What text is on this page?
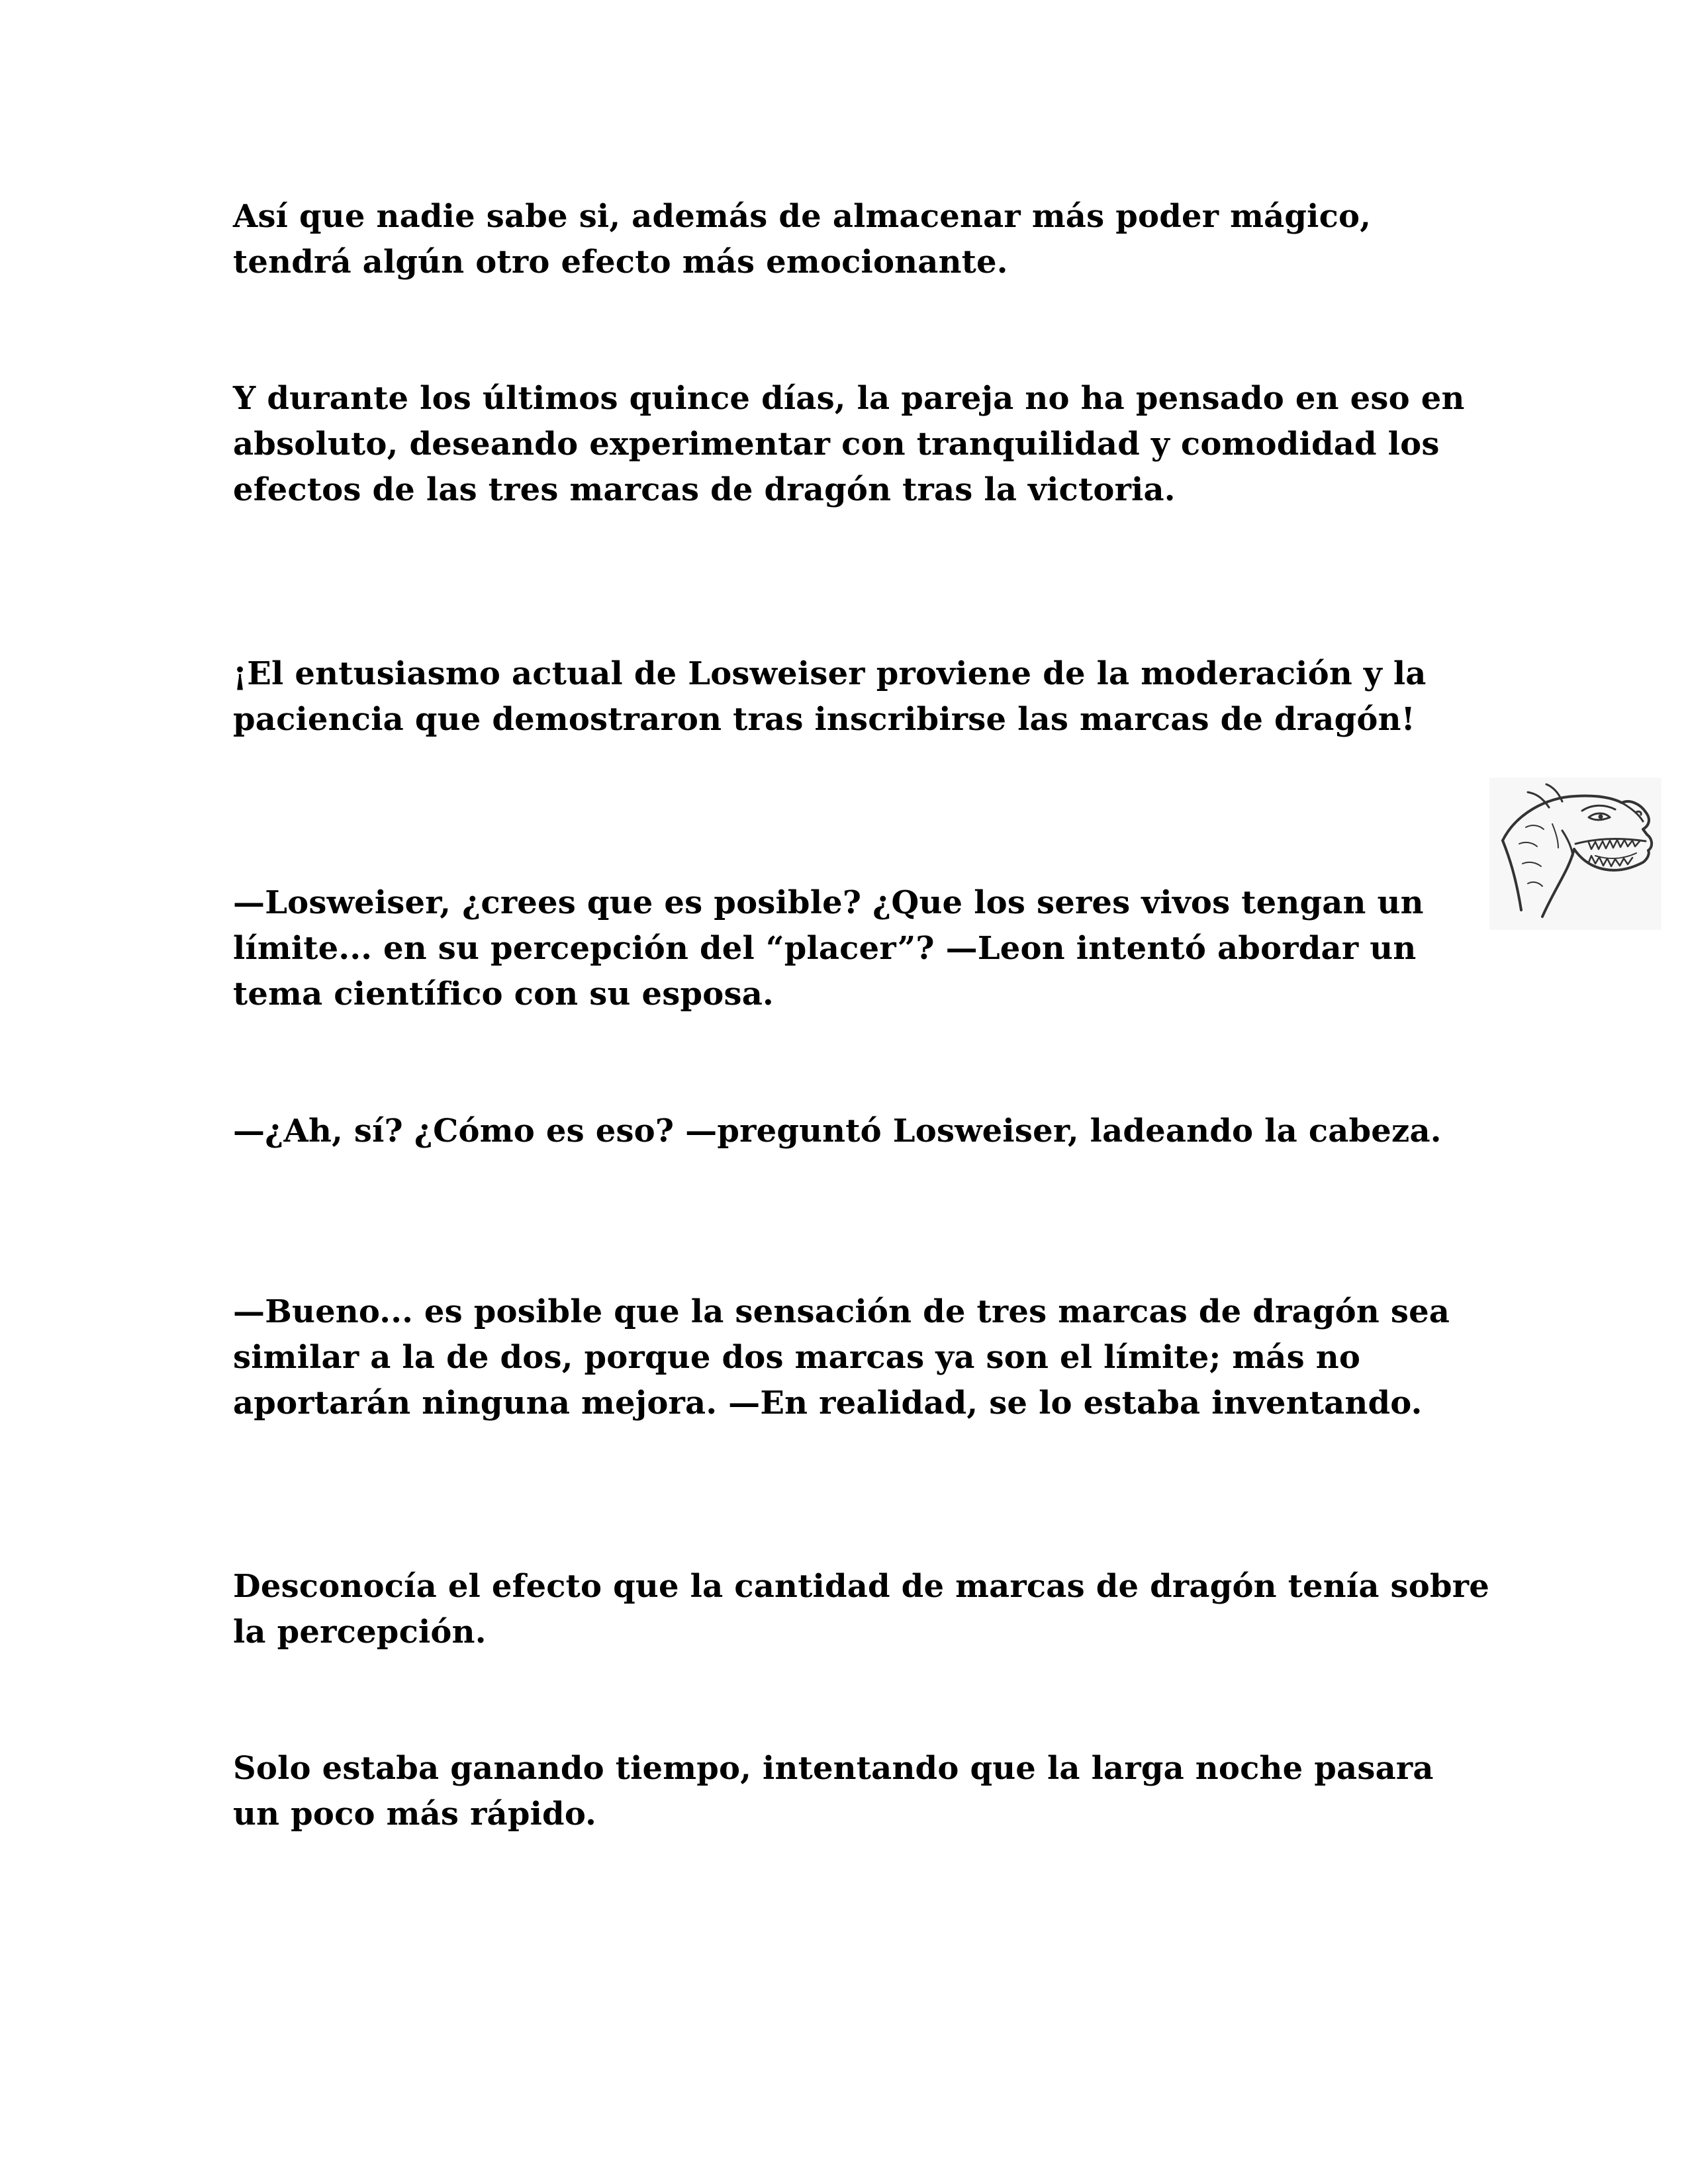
Así que nadie sabe si, además de almacenar más poder mágico, tendrá algún otro efecto más emocionante.

Y durante los últimos quince días, la pareja no ha pensado en eso en absoluto, deseando experimentar con tranquilidad y comodidad los efectos de las tres marcas de dragón tras la victoria.

¡El entusiasmo actual de Losweiser proviene de la moderación y la paciencia que demostraron tras inscribirse las marcas de dragón!

—Losweiser, ¿crees que es posible? ¿Que los seres vivos tengan un límite... en su percepción del “placer”? —Leon intentó abordar un tema científico con su esposa.

—¿Ah, sí? ¿Cómo es eso? —preguntó Losweiser, ladeando la cabeza.

—Bueno... es posible que la sensación de tres marcas de dragón sea similar a la de dos, porque dos marcas ya son el límite; más no aportarán ninguna mejora. —En realidad, se lo estaba inventando.

Desconocía el efecto que la cantidad de marcas de dragón tenía sobre la percepción.

Solo estaba ganando tiempo, intentando que la larga noche pasara un poco más rápido.
